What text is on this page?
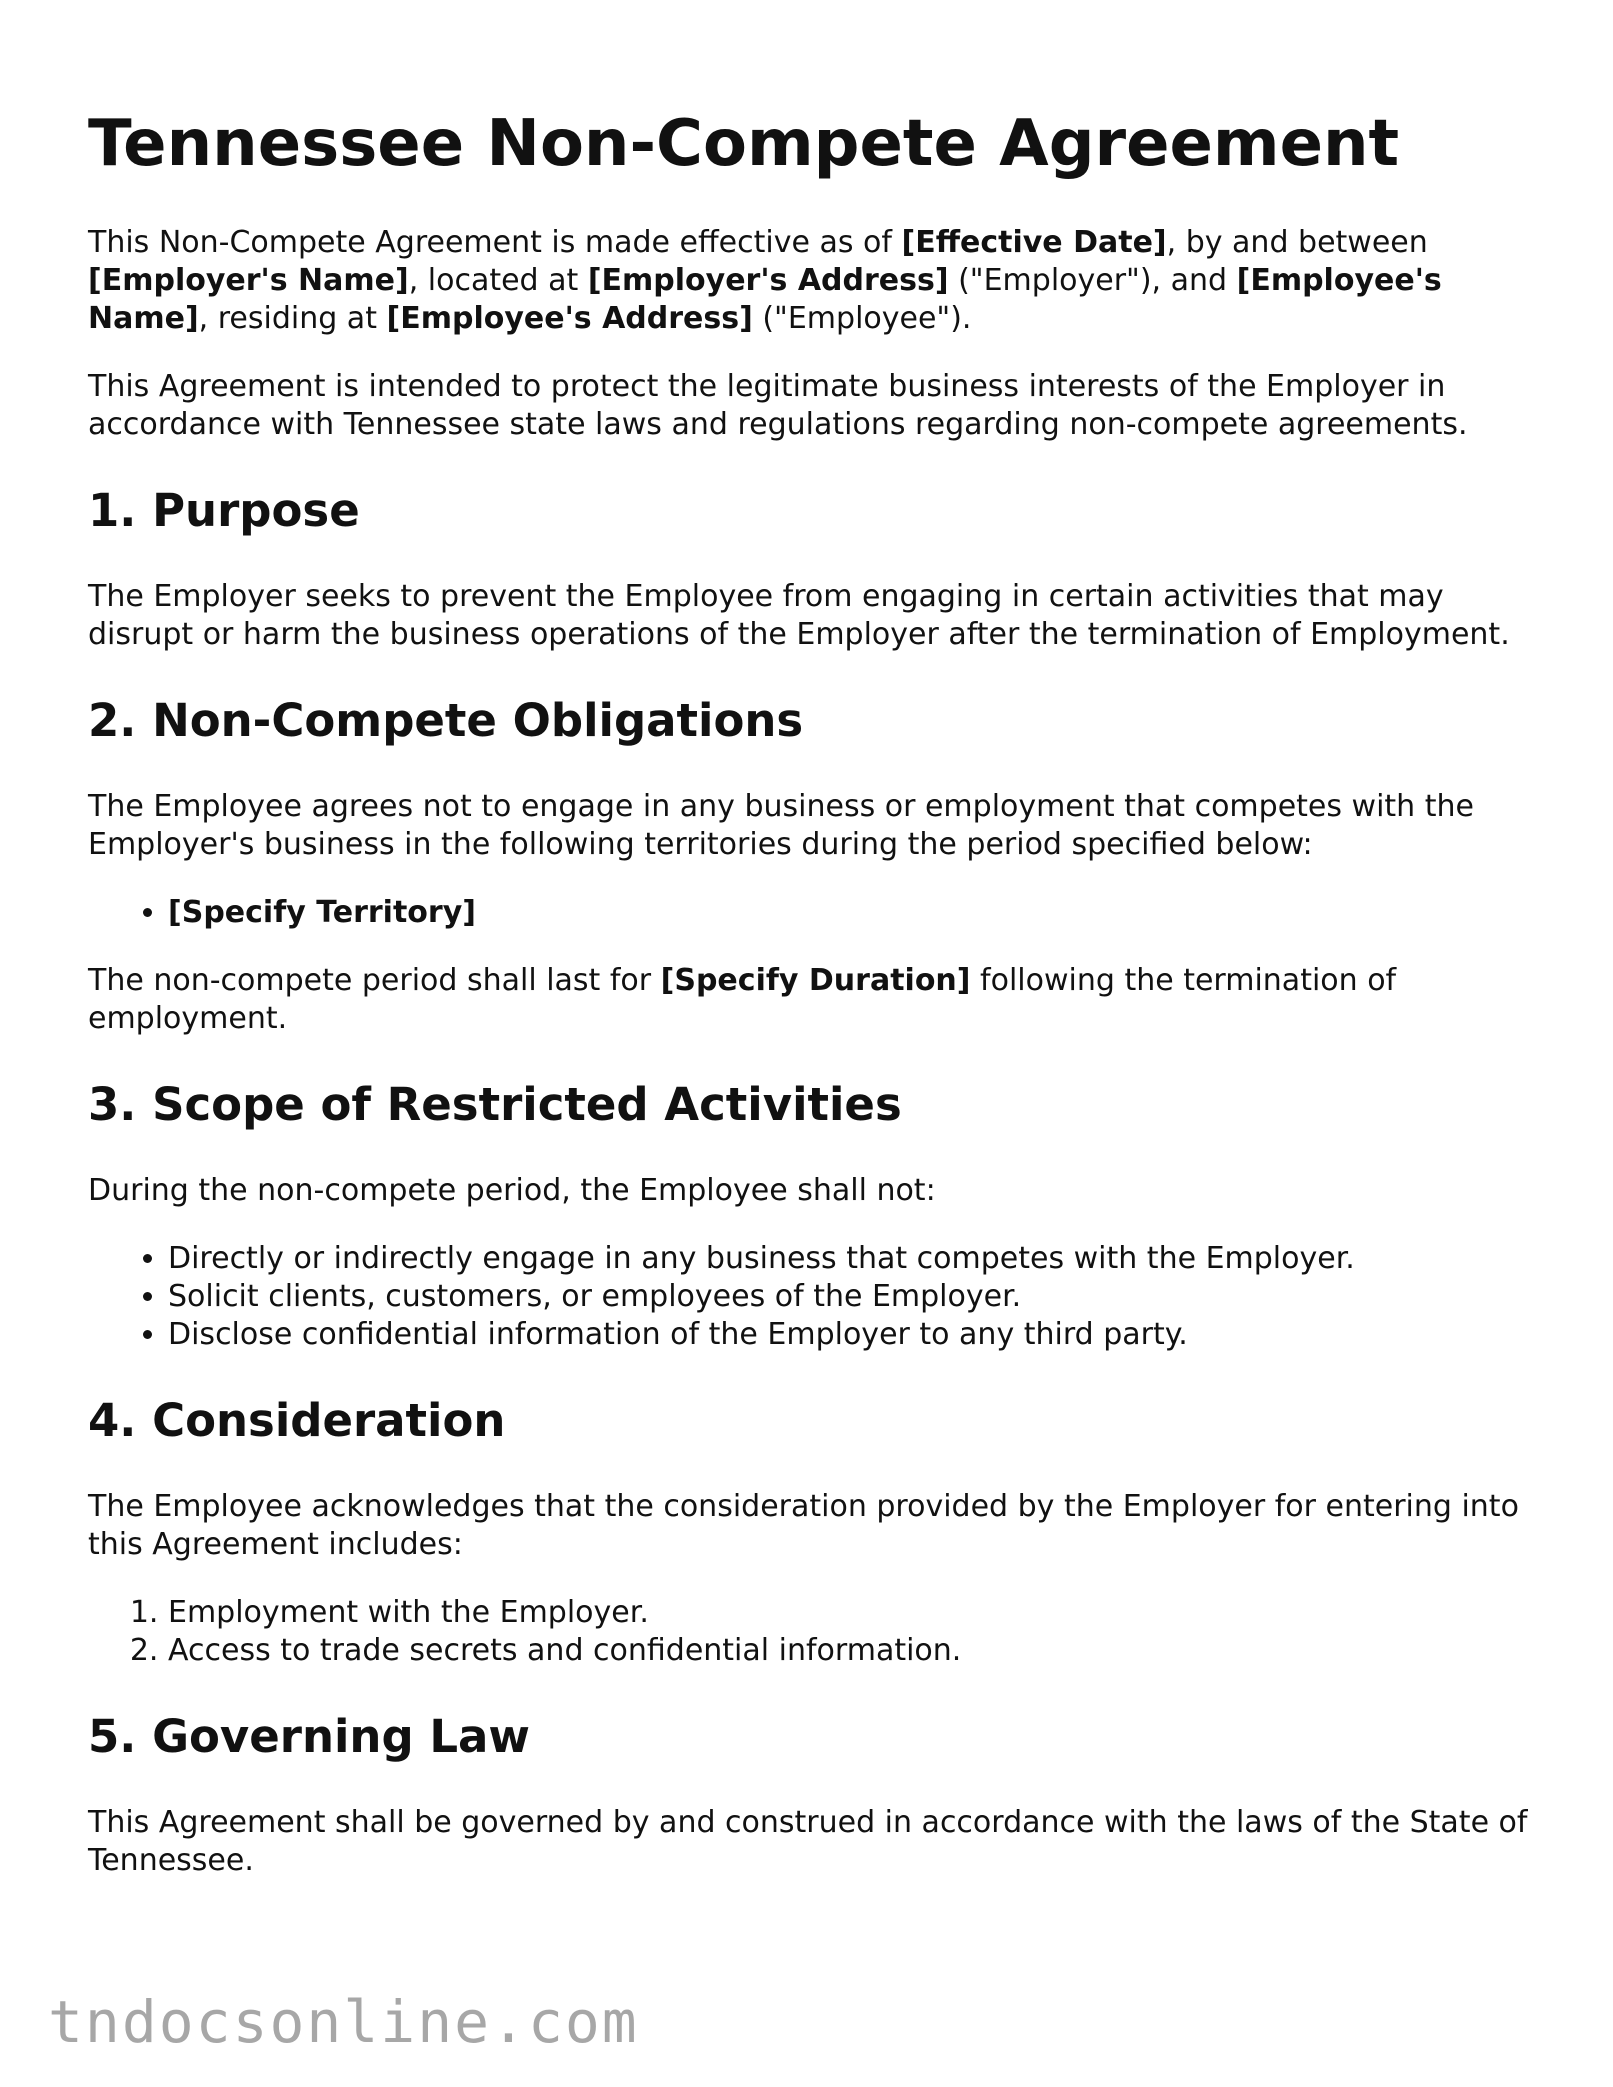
Tennessee Non-Compete Agreement

This Non-Compete Agreement is made effective as of [Effective Date], by and between [Employer's Name], located at [Employer's Address] ("Employer"), and [Employee's Name], residing at [Employee's Address] ("Employee").

This Agreement is intended to protect the legitimate business interests of the Employer in accordance with Tennessee state laws and regulations regarding non-compete agreements.

1. Purpose

The Employer seeks to prevent the Employee from engaging in certain activities that may disrupt or harm the business operations of the Employer after the termination of Employment.

2. Non-Compete Obligations

The Employee agrees not to engage in any business or employment that competes with the Employer's business in the following territories during the period specified below:

• [Specify Territory]

The non-compete period shall last for [Specify Duration] following the termination of employment.

3. Scope of Restricted Activities

During the non-compete period, the Employee shall not:

• Directly or indirectly engage in any business that competes with the Employer.
• Solicit clients, customers, or employees of the Employer.
• Disclose confidential information of the Employer to any third party.
4. Consideration

The Employee acknowledges that the consideration provided by the Employer for entering into this Agreement includes:

1. Employment with the Employer.
2. Access to trade secrets and confidential information.
5. Governing Law

This Agreement shall be governed by and construed in accordance with the laws of the State of Tennessee.

tndocsonline.com
